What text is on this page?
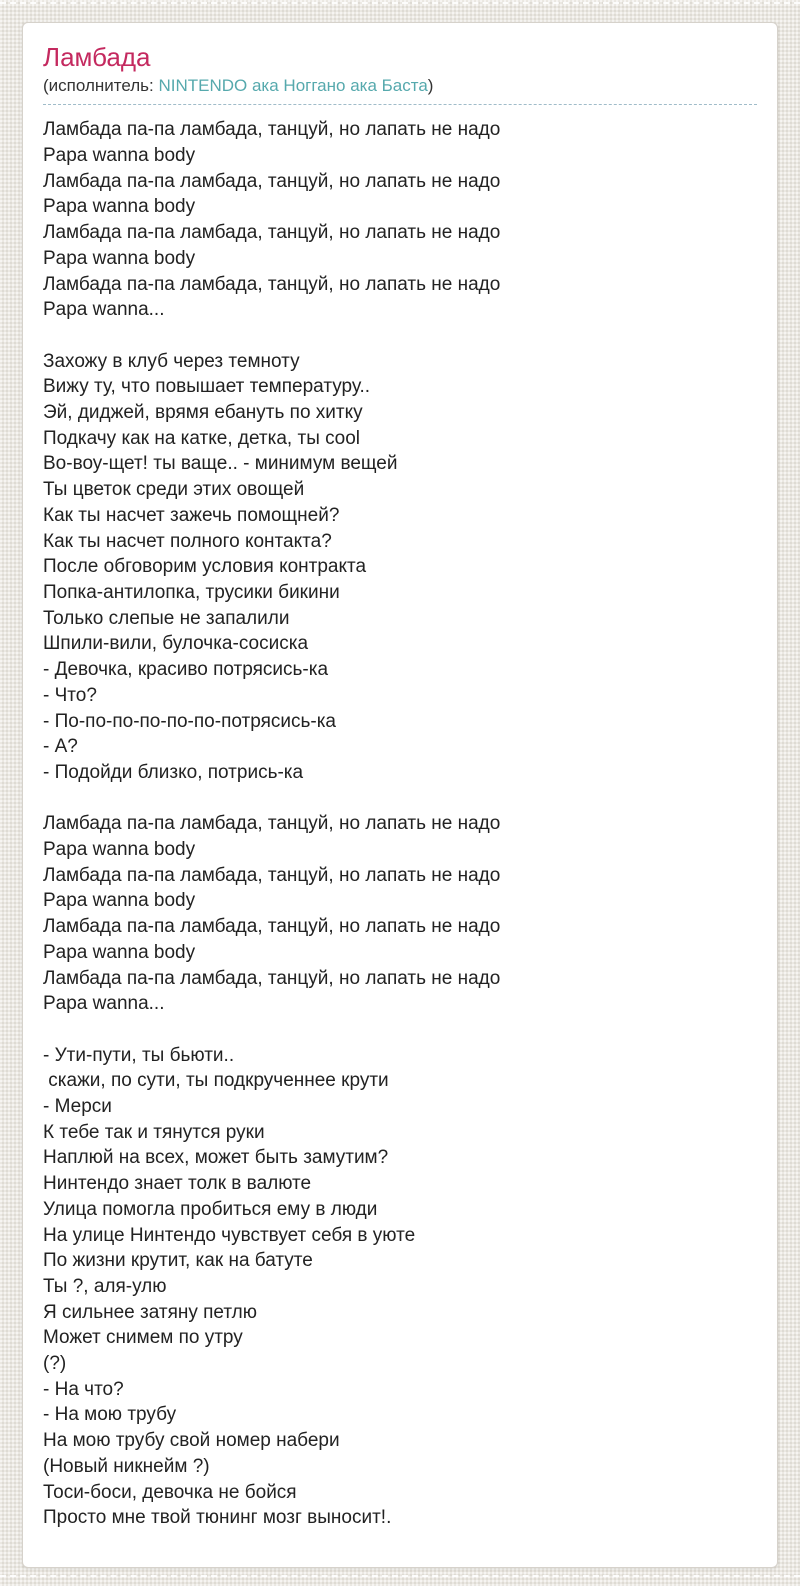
Ламбада
(исполнитель: NINTENDO ака Ноггано ака Баста)
Ламбада па-па ламбада, танцуй, но лапать не надо
Papa wanna body
Ламбада па-па ламбада, танцуй, но лапать не надо
Papa wanna body
Ламбада па-па ламбада, танцуй, но лапать не надо
Papa wanna body
Ламбада па-па ламбада, танцуй, но лапать не надо
Papa wanna...
Захожу в клуб через темноту
Вижу ту, что повышает температуру..
Эй, диджей, врямя ебануть по хитку
Подкачу как на катке, детка, ты cool
Во-воу-щет! ты ваще.. - минимум вещей
Ты цветок среди этих овощей
Как ты насчет зажечь помощней?
Как ты насчет полного контакта?
После обговорим условия контракта
Попка-антилопка, трусики бикини
Только слепые не запалили
Шпили-вили, булочка-сосиска
- Девочка, красиво потрясись-ка
- Что?
- По-по-по-по-по-по-потрясись-ка
- А?
- Подойди близко, потрись-ка
Ламбада па-па ламбада, танцуй, но лапать не надо
Papa wanna body
Ламбада па-па ламбада, танцуй, но лапать не надо
Papa wanna body
Ламбада па-па ламбада, танцуй, но лапать не надо
Papa wanna body
Ламбада па-па ламбада, танцуй, но лапать не надо
Papa wanna...
- Ути-пути, ты бьюти..
скажи, по сути, ты подкрученнее крути
- Мерси
К тебе так и тянутся руки
Наплюй на всех, может быть замутим?
Нинтендо знает толк в валюте
Улица помогла пробиться ему в люди
На улице Нинтендо чувствует себя в уюте
По жизни крутит, как на батуте
Ты ?, аля-улю
Я сильнее затяну петлю
Может снимем по утру
(?)
- На что?
- На мою трубу
На мою трубу свой номер набери
(Новый никнейм ?)
Тоси-боси, девочка не бойся
Просто мне твой тюнинг мозг выносит!.
